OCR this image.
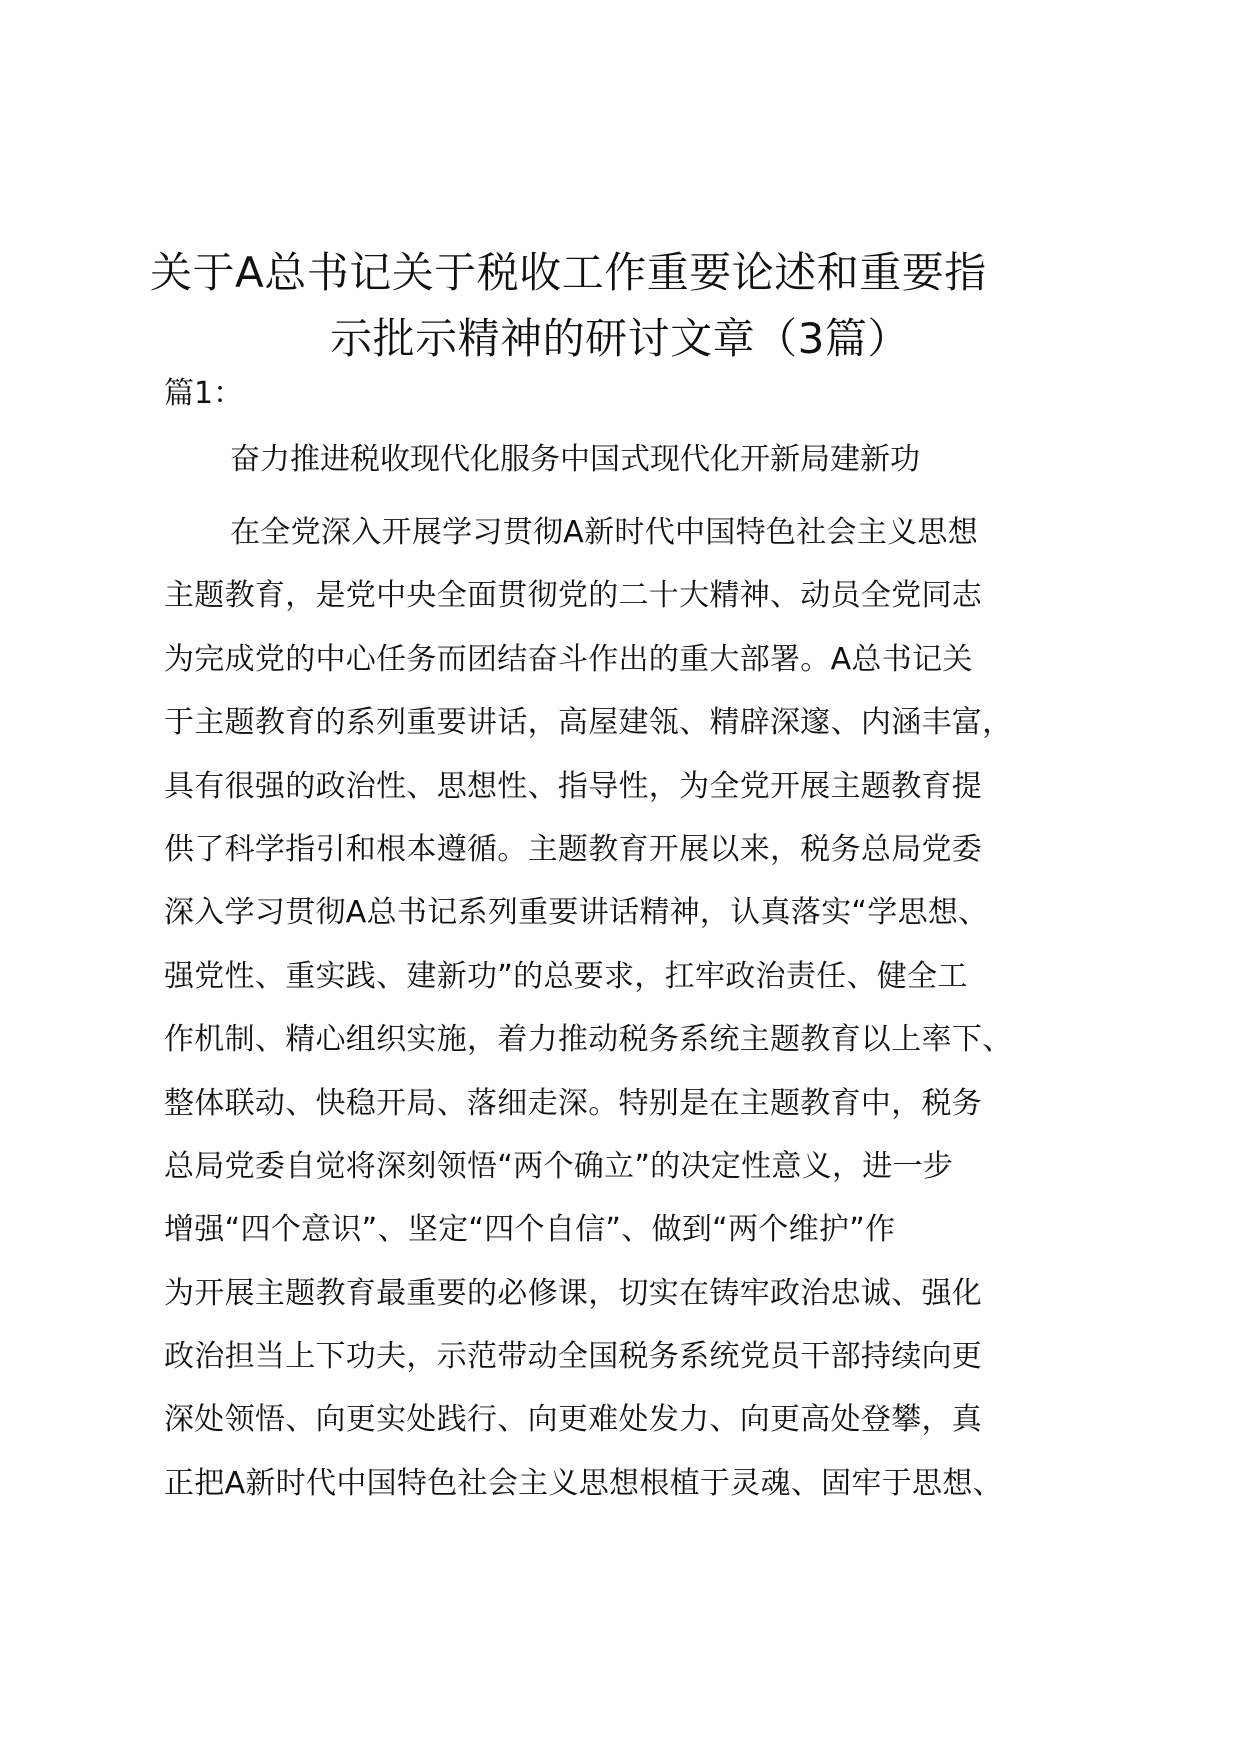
关于A总书记关于税收工作重要论述和重要指
示批示精神的研讨文章（3篇）
篇1：
奋力推进税收现代化服务中国式现代化开新局建新功
在全党深入开展学习贯彻A新时代中国特色社会主义思想
主题教育，是党中央全面贯彻党的二十大精神、动员全党同志
为完成党的中心任务而团结奋斗作出的重大部署。A总书记关
于主题教育的系列重要讲话，高屋建瓴、精辟深邃、内涵丰富，
具有很强的政治性、思想性、指导性，为全党开展主题教育提
供了科学指引和根本遵循。主题教育开展以来，税务总局党委
深入学习贯彻A总书记系列重要讲话精神，认真落实“学思想、
强党性、重实践、建新功”的总要求，扛牢政治责任、健全工
作机制、精心组织实施，着力推动税务系统主题教育以上率下、
整体联动、快稳开局、落细走深。特别是在主题教育中，税务
总局党委自觉将深刻领悟“两个确立”的决定性意义，进一步
增强“四个意识”、坚定“四个自信”、做到“两个维护”作
为开展主题教育最重要的必修课，切实在铸牢政治忠诚、强化
政治担当上下功夫，示范带动全国税务系统党员干部持续向更
深处领悟、向更实处践行、向更难处发力、向更高处登攀，真
正把A新时代中国特色社会主义思想根植于灵魂、固牢于思想、
